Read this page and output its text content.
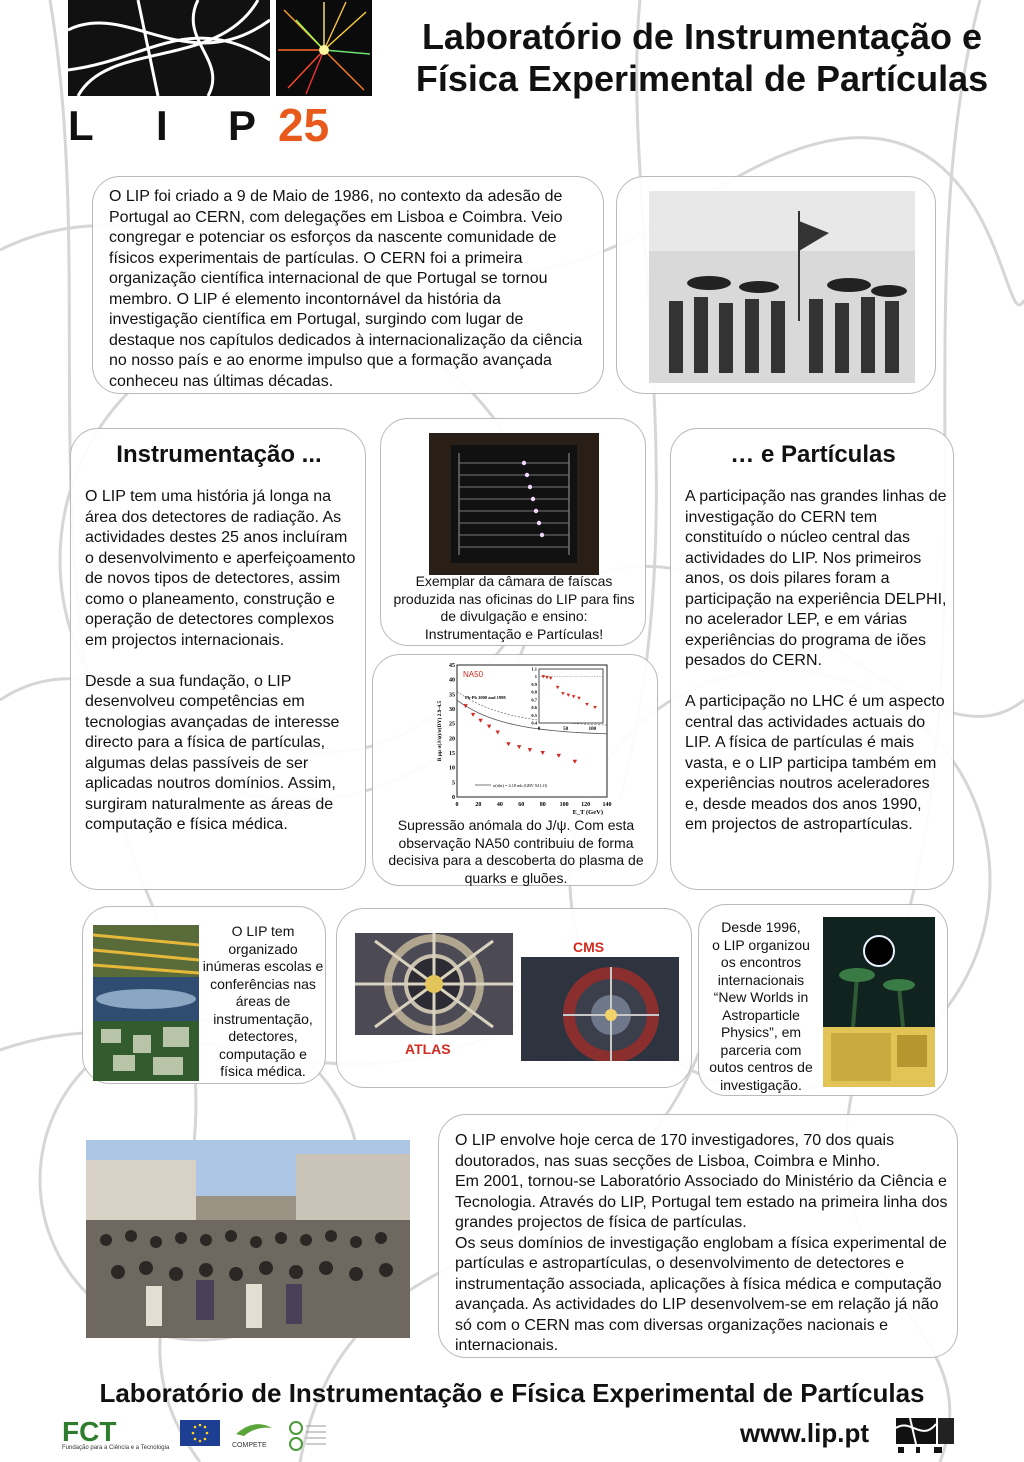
L I P 25
Laboratório de Instrumentação e
Física Experimental de Partículas
O LIP foi criado a 9 de Maio de 1986, no contexto da adesão de Portugal ao CERN, com delegações em Lisboa e Coimbra. Veio congregar e potenciar os esforços da nascente comunidade de físicos experimentais de partículas. O CERN foi a primeira organização científica internacional de que Portugal se tornou membro. O LIP é elemento incontornável da história da investigação científica em Portugal, surgindo com lugar de destaque nos capítulos dedicados à internacionalização da ciência no nosso país e ao enorme impulso que a formação avançada conheceu nas últimas décadas.
Instrumentação ...
O LIP tem uma história já longa na área dos detectores de radiação. As actividades destes 25 anos incluíram o desenvolvimento e aperfeiçoamento de novos tipos de detectores, assim como o planeamento, construção e operação de detectores complexos em projectos internacionais.

Desde a sua fundação, o LIP desenvolveu competências em tecnologias avançadas de interesse directo para a física de partículas, algumas delas passíveis de ser aplicadas noutros domínios. Assim, surgiram naturalmente as áreas de computação e física médica.
Exemplar da câmara de faíscas produzida nas oficinas do LIP para fins de divulgação e ensino: Instrumentação e Partículas!
0	20	40	60	80 100 120 140
0
5
10
15
20
25
30
35
40
45
E_T (GeV)
B μμ σ(J/ψ)/σ(DY) 2.9-4.5
NA50
Pb-Pb 2000 and 1998
σ(abs) = 4.18 mb (GRV 94 LO)
0	50	100
0.4
0.5
0.6
0.7
0.8
0.9
1
1.1
Supressão anómala do J/ψ. Com esta observação NA50 contribuiu de forma decisiva para a descoberta do plasma de quarks e gluões.
… e Partículas
A participação nas grandes linhas de investigação do CERN tem constituído o núcleo central das actividades do LIP. Nos primeiros anos, os dois pilares foram a participação na experiência DELPHI, no acelerador LEP, e em várias experiências do programa de iões pesados do CERN.

A participação no LHC é um aspecto central das actividades actuais do LIP. A física de partículas é mais vasta, e o LIP participa também em experiências noutros aceleradores e, desde meados dos anos 1990, em projectos de astropartículas.
O LIP tem organizado inúmeras escolas e conferências nas áreas de instrumentação, detectores, computação e física médica.
ATLAS
CMS
Desde 1996,
o LIP organizou os encontros internacionais “New Worlds in Astroparticle Physics”, em parceria com outos centros de investigação.
O LIP envolve hoje cerca de 170 investigadores, 70 dos quais doutorados, nas suas secções de Lisboa, Coimbra e Minho.
Em 2001, tornou-se Laboratório Associado do Ministério da Ciência e Tecnologia. Através do LIP, Portugal tem estado na primeira linha dos grandes projectos de física de partículas.
Os seus domínios de investigação englobam a física experimental de partículas e astropartículas, o desenvolvimento de detectores e instrumentação associada, aplicações à física médica e computação avançada. As actividades do LIP desenvolvem-se em relação já não só com o CERN mas com diversas organizações nacionais e internacionais.
Laboratório de Instrumentação e Física Experimental de Partículas
FCT
Fundação para a Ciência e a Tecnologia	COMPETE	www.lip.pt
